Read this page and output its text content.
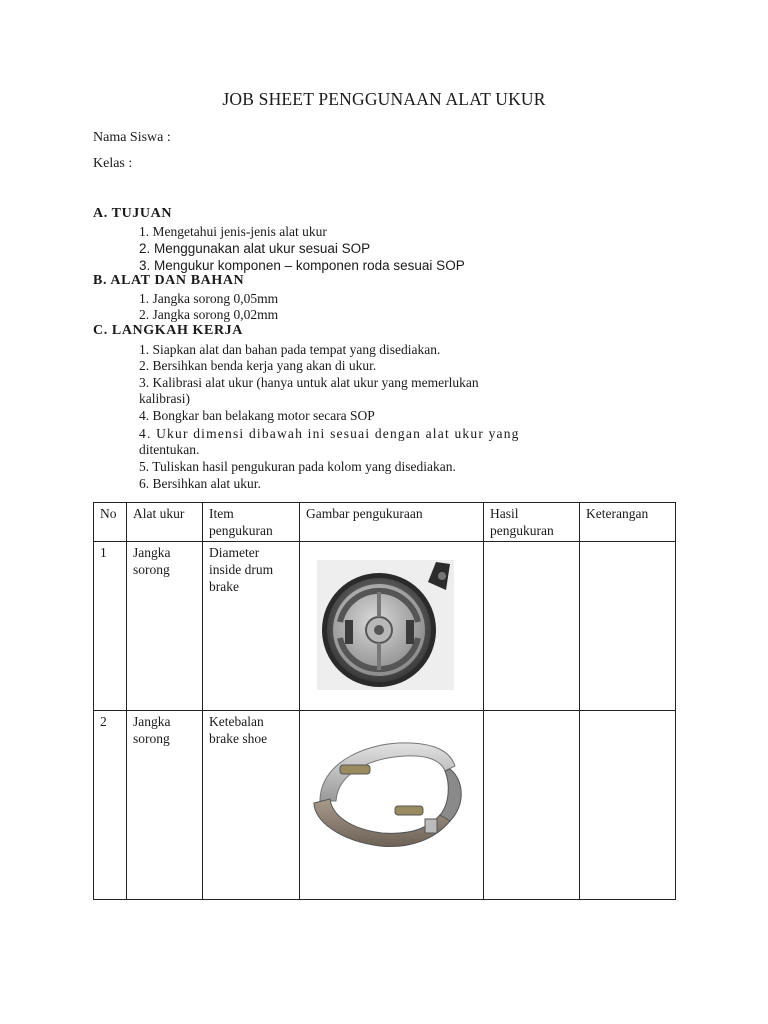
JOB SHEET PENGGUNAAN ALAT UKUR
Nama Siswa :
Kelas :
A. TUJUAN
1. Mengetahui jenis-jenis alat ukur
2. Menggunakan alat ukur sesuai SOP
3. Mengukur komponen – komponen roda sesuai SOP
B. ALAT DAN BAHAN
1. Jangka sorong 0,05mm
2. Jangka sorong 0,02mm
C. LANGKAH KERJA
1. Siapkan alat dan bahan pada tempat yang disediakan.
2. Bersihkan benda kerja yang akan di ukur.
3. Kalibrasi alat ukur (hanya untuk alat ukur yang memerlukan
kalibrasi)
4. Bongkar ban belakang motor secara SOP
4. Ukur dimensi dibawah ini sesuai dengan alat ukur yang
ditentukan.
5. Tuliskan hasil pengukuran pada kolom yang disediakan.
6. Bersihkan alat ukur.
No	Alat ukur	Item pengukuran	Gambar pengukuraan	Hasil pengukuran	Keterangan
1	Jangka sorong	Diameter inside drum brake	

2	Jangka sorong	Ketebalan brake shoe	
